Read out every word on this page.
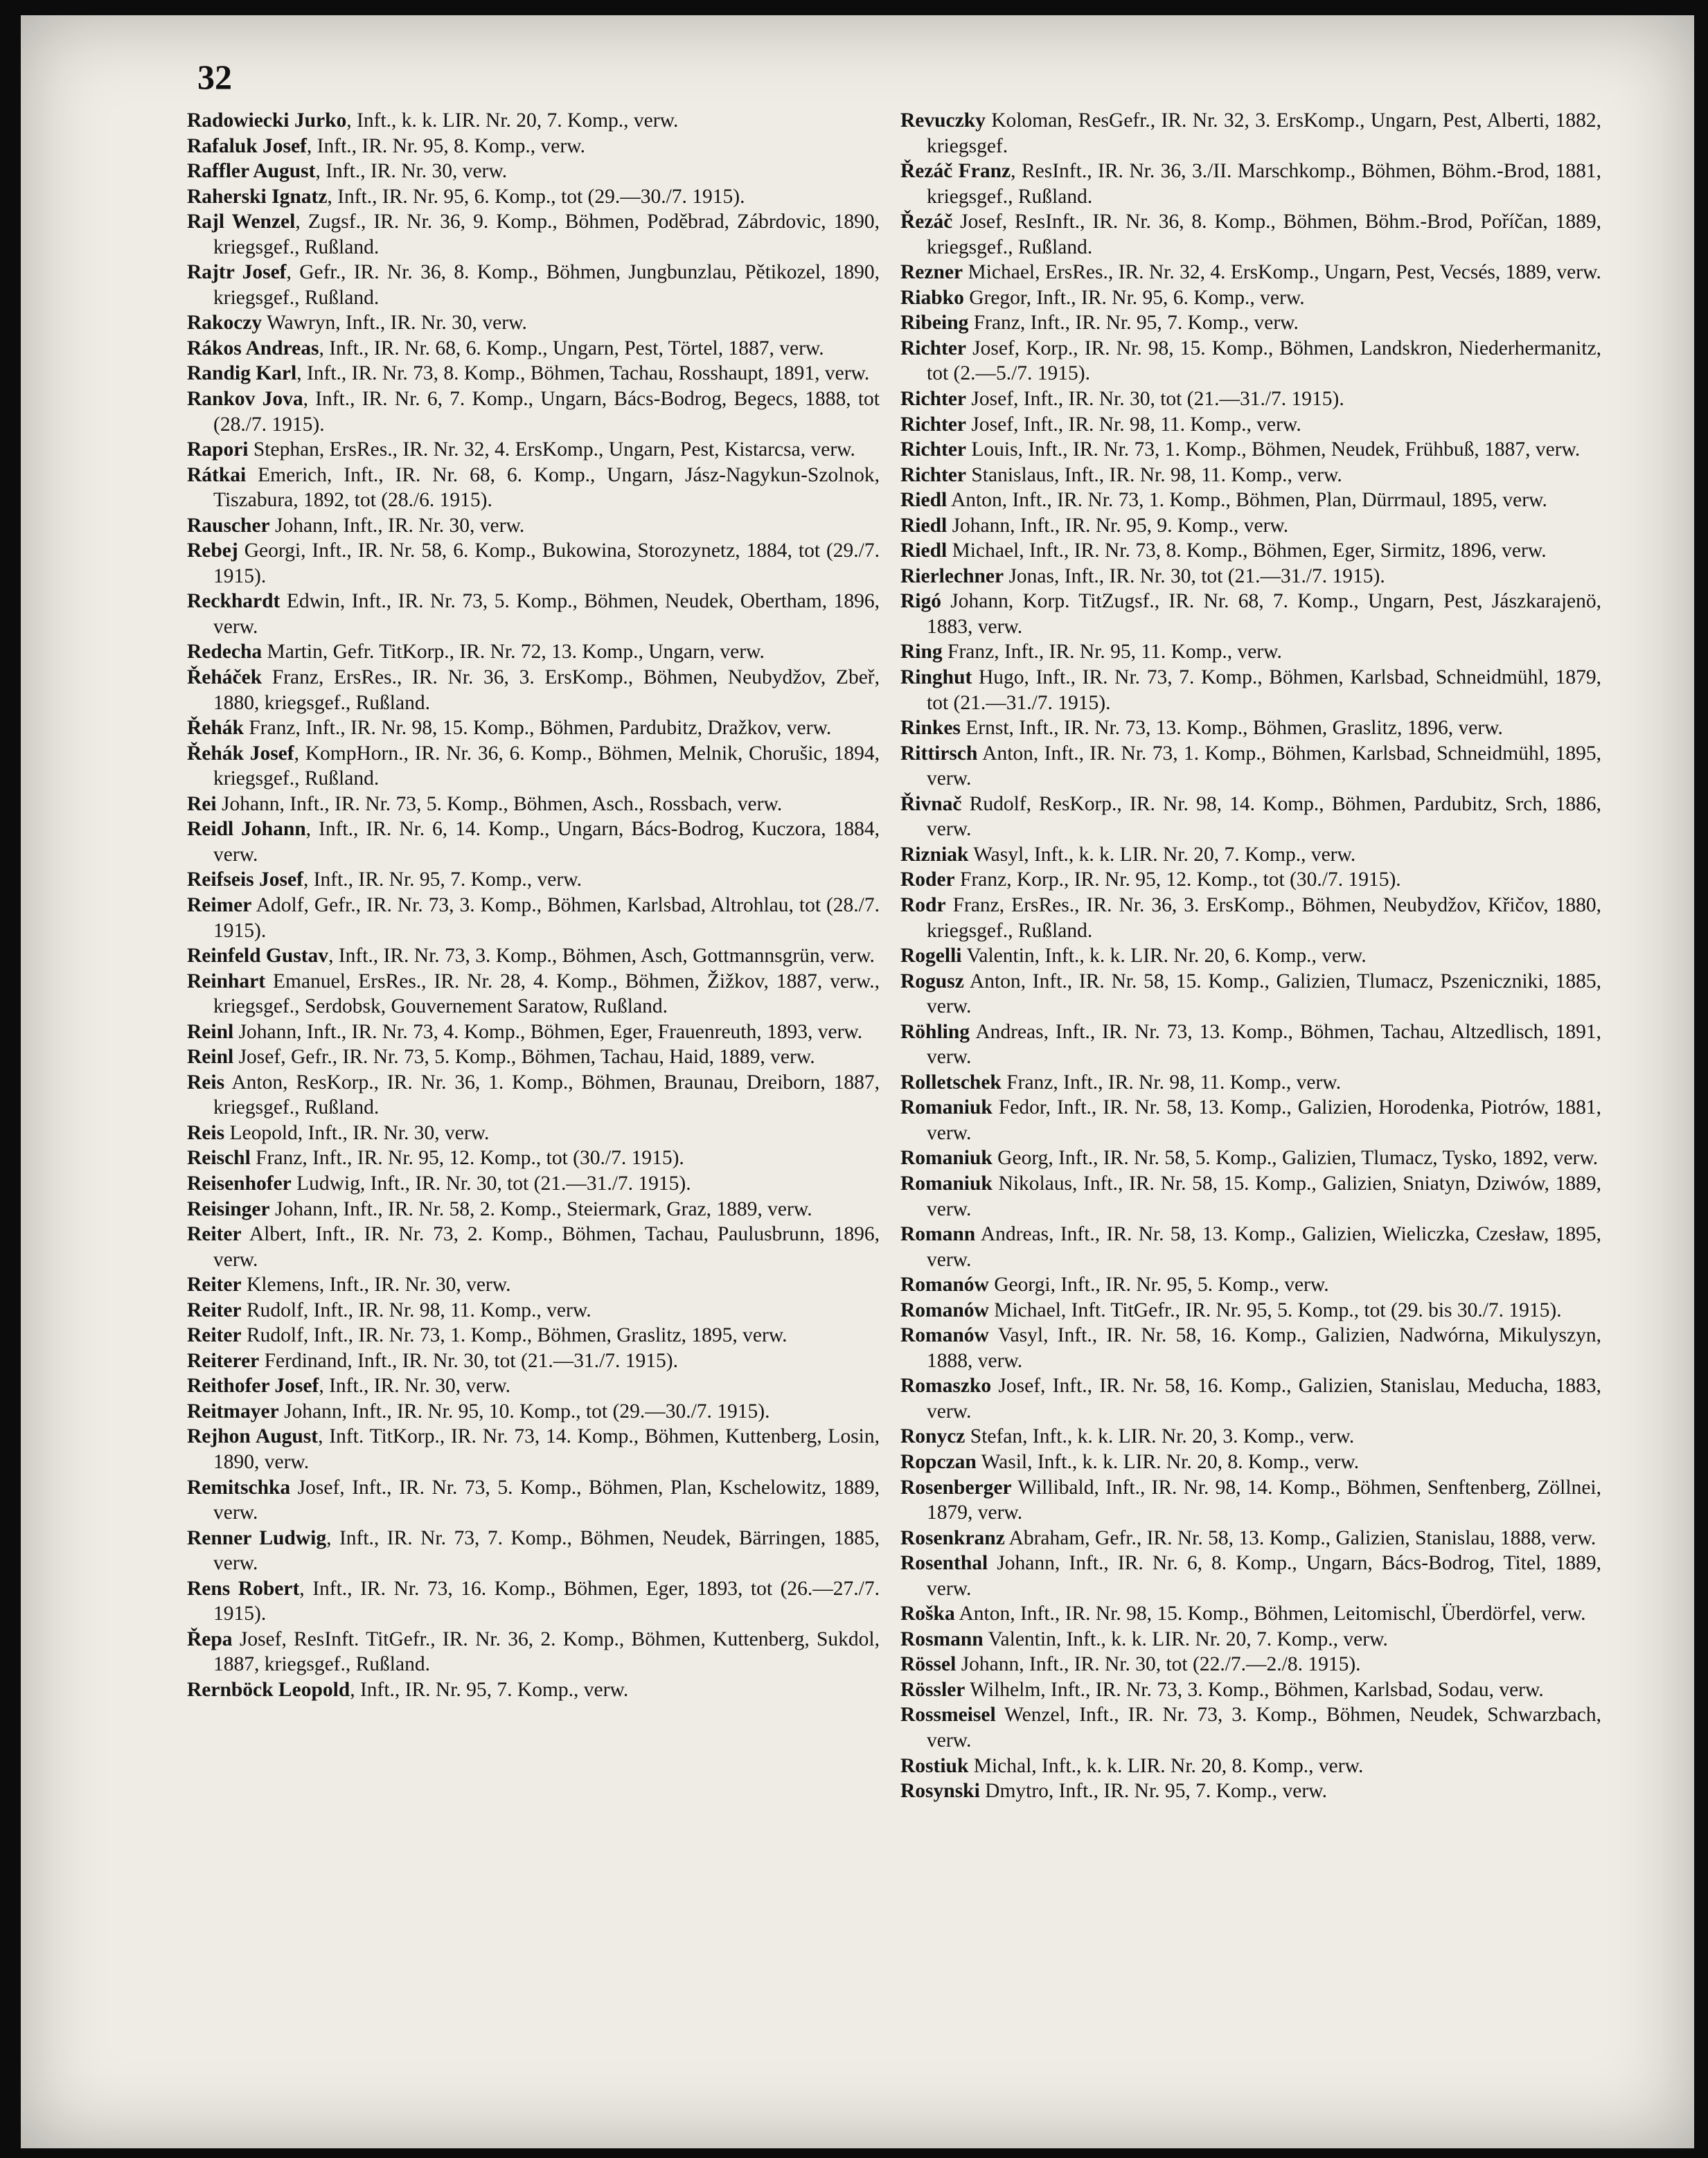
32
Radowiecki Jurko, Inft., k. k. LIR. Nr. 20, 7. Komp., verw.
Rafaluk Josef, Inft., IR. Nr. 95, 8. Komp., verw.
Raffler August, Inft., IR. Nr. 30, verw.
Raherski Ignatz, Inft., IR. Nr. 95, 6. Komp., tot (29.—30./7. 1915).
Rajl Wenzel, Zugsf., IR. Nr. 36, 9. Komp., Böhmen, Poděbrad, Zábrdovic, 1890, kriegsgef., Rußland.
Rajtr Josef, Gefr., IR. Nr. 36, 8. Komp., Böhmen, Jungbunzlau, Pětikozel, 1890, kriegsgef., Rußland.
Rakoczy Wawryn, Inft., IR. Nr. 30, verw.
Rákos Andreas, Inft., IR. Nr. 68, 6. Komp., Ungarn, Pest, Törtel, 1887, verw.
Randig Karl, Inft., IR. Nr. 73, 8. Komp., Böhmen, Tachau, Rosshaupt, 1891, verw.
Rankov Jova, Inft., IR. Nr. 6, 7. Komp., Ungarn, Bács-Bodrog, Begecs, 1888, tot (28./7. 1915).
Rapori Stephan, ErsRes., IR. Nr. 32, 4. ErsKomp., Ungarn, Pest, Kistarcsa, verw.
Rátkai Emerich, Inft., IR. Nr. 68, 6. Komp., Ungarn, Jász-Nagykun-Szolnok, Tiszabura, 1892, tot (28./6. 1915).
Rauscher Johann, Inft., IR. Nr. 30, verw.
Rebej Georgi, Inft., IR. Nr. 58, 6. Komp., Bukowina, Storozynetz, 1884, tot (29./7. 1915).
Reckhardt Edwin, Inft., IR. Nr. 73, 5. Komp., Böhmen, Neudek, Obertham, 1896, verw.
Redecha Martin, Gefr. TitKorp., IR. Nr. 72, 13. Komp., Ungarn, verw.
Řeháček Franz, ErsRes., IR. Nr. 36, 3. ErsKomp., Böhmen, Neubydžov, Zbeř, 1880, kriegsgef., Rußland.
Řehák Franz, Inft., IR. Nr. 98, 15. Komp., Böhmen, Pardubitz, Dražkov, verw.
Řehák Josef, KompHorn., IR. Nr. 36, 6. Komp., Böhmen, Melnik, Chorušic, 1894, kriegsgef., Rußland.
Rei Johann, Inft., IR. Nr. 73, 5. Komp., Böhmen, Asch., Rossbach, verw.
Reidl Johann, Inft., IR. Nr. 6, 14. Komp., Ungarn, Bács-Bodrog, Kuczora, 1884, verw.
Reifseis Josef, Inft., IR. Nr. 95, 7. Komp., verw.
Reimer Adolf, Gefr., IR. Nr. 73, 3. Komp., Böhmen, Karlsbad, Altrohlau, tot (28./7. 1915).
Reinfeld Gustav, Inft., IR. Nr. 73, 3. Komp., Böhmen, Asch, Gottmannsgrün, verw.
Reinhart Emanuel, ErsRes., IR. Nr. 28, 4. Komp., Böhmen, Žižkov, 1887, verw., kriegsgef., Serdobsk, Gouvernement Saratow, Rußland.
Reinl Johann, Inft., IR. Nr. 73, 4. Komp., Böhmen, Eger, Frauenreuth, 1893, verw.
Reinl Josef, Gefr., IR. Nr. 73, 5. Komp., Böhmen, Tachau, Haid, 1889, verw.
Reis Anton, ResKorp., IR. Nr. 36, 1. Komp., Böhmen, Braunau, Dreiborn, 1887, kriegsgef., Rußland.
Reis Leopold, Inft., IR. Nr. 30, verw.
Reischl Franz, Inft., IR. Nr. 95, 12. Komp., tot (30./7. 1915).
Reisenhofer Ludwig, Inft., IR. Nr. 30, tot (21.—31./7. 1915).
Reisinger Johann, Inft., IR. Nr. 58, 2. Komp., Steiermark, Graz, 1889, verw.
Reiter Albert, Inft., IR. Nr. 73, 2. Komp., Böhmen, Tachau, Paulusbrunn, 1896, verw.
Reiter Klemens, Inft., IR. Nr. 30, verw.
Reiter Rudolf, Inft., IR. Nr. 98, 11. Komp., verw.
Reiter Rudolf, Inft., IR. Nr. 73, 1. Komp., Böhmen, Graslitz, 1895, verw.
Reiterer Ferdinand, Inft., IR. Nr. 30, tot (21.—31./7. 1915).
Reithofer Josef, Inft., IR. Nr. 30, verw.
Reitmayer Johann, Inft., IR. Nr. 95, 10. Komp., tot (29.—30./7. 1915).
Rejhon August, Inft. TitKorp., IR. Nr. 73, 14. Komp., Böhmen, Kuttenberg, Losin, 1890, verw.
Remitschka Josef, Inft., IR. Nr. 73, 5. Komp., Böhmen, Plan, Kschelowitz, 1889, verw.
Renner Ludwig, Inft., IR. Nr. 73, 7. Komp., Böhmen, Neudek, Bärringen, 1885, verw.
Rens Robert, Inft., IR. Nr. 73, 16. Komp., Böhmen, Eger, 1893, tot (26.—27./7. 1915).
Řepa Josef, ResInft. TitGefr., IR. Nr. 36, 2. Komp., Böhmen, Kuttenberg, Sukdol, 1887, kriegsgef., Rußland.
Rernböck Leopold, Inft., IR. Nr. 95, 7. Komp., verw.
Revuczky Koloman, ResGefr., IR. Nr. 32, 3. ErsKomp., Ungarn, Pest, Alberti, 1882, kriegsgef.
Řezáč Franz, ResInft., IR. Nr. 36, 3./II. Marschkomp., Böhmen, Böhm.-Brod, 1881, kriegsgef., Rußland.
Řezáč Josef, ResInft., IR. Nr. 36, 8. Komp., Böhmen, Böhm.-Brod, Poříčan, 1889, kriegsgef., Rußland.
Rezner Michael, ErsRes., IR. Nr. 32, 4. ErsKomp., Ungarn, Pest, Vecsés, 1889, verw.
Riabko Gregor, Inft., IR. Nr. 95, 6. Komp., verw.
Ribeing Franz, Inft., IR. Nr. 95, 7. Komp., verw.
Richter Josef, Korp., IR. Nr. 98, 15. Komp., Böhmen, Landskron, Niederhermanitz, tot (2.—5./7. 1915).
Richter Josef, Inft., IR. Nr. 30, tot (21.—31./7. 1915).
Richter Josef, Inft., IR. Nr. 98, 11. Komp., verw.
Richter Louis, Inft., IR. Nr. 73, 1. Komp., Böhmen, Neudek, Frühbuß, 1887, verw.
Richter Stanislaus, Inft., IR. Nr. 98, 11. Komp., verw.
Riedl Anton, Inft., IR. Nr. 73, 1. Komp., Böhmen, Plan, Dürrmaul, 1895, verw.
Riedl Johann, Inft., IR. Nr. 95, 9. Komp., verw.
Riedl Michael, Inft., IR. Nr. 73, 8. Komp., Böhmen, Eger, Sirmitz, 1896, verw.
Rierlechner Jonas, Inft., IR. Nr. 30, tot (21.—31./7. 1915).
Rigó Johann, Korp. TitZugsf., IR. Nr. 68, 7. Komp., Ungarn, Pest, Jászkarajenö, 1883, verw.
Ring Franz, Inft., IR. Nr. 95, 11. Komp., verw.
Ringhut Hugo, Inft., IR. Nr. 73, 7. Komp., Böhmen, Karlsbad, Schneidmühl, 1879, tot (21.—31./7. 1915).
Rinkes Ernst, Inft., IR. Nr. 73, 13. Komp., Böhmen, Graslitz, 1896, verw.
Rittirsch Anton, Inft., IR. Nr. 73, 1. Komp., Böhmen, Karlsbad, Schneidmühl, 1895, verw.
Řivnač Rudolf, ResKorp., IR. Nr. 98, 14. Komp., Böhmen, Pardubitz, Srch, 1886, verw.
Rizniak Wasyl, Inft., k. k. LIR. Nr. 20, 7. Komp., verw.
Roder Franz, Korp., IR. Nr. 95, 12. Komp., tot (30./7. 1915).
Rodr Franz, ErsRes., IR. Nr. 36, 3. ErsKomp., Böhmen, Neubydžov, Křičov, 1880, kriegsgef., Rußland.
Rogelli Valentin, Inft., k. k. LIR. Nr. 20, 6. Komp., verw.
Rogusz Anton, Inft., IR. Nr. 58, 15. Komp., Galizien, Tlumacz, Pszeniczniki, 1885, verw.
Röhling Andreas, Inft., IR. Nr. 73, 13. Komp., Böhmen, Tachau, Altzedlisch, 1891, verw.
Rolletschek Franz, Inft., IR. Nr. 98, 11. Komp., verw.
Romaniuk Fedor, Inft., IR. Nr. 58, 13. Komp., Galizien, Horodenka, Piotrów, 1881, verw.
Romaniuk Georg, Inft., IR. Nr. 58, 5. Komp., Galizien, Tlumacz, Tysko, 1892, verw.
Romaniuk Nikolaus, Inft., IR. Nr. 58, 15. Komp., Galizien, Sniatyn, Dziwów, 1889, verw.
Romann Andreas, Inft., IR. Nr. 58, 13. Komp., Galizien, Wieliczka, Czesław, 1895, verw.
Romanów Georgi, Inft., IR. Nr. 95, 5. Komp., verw.
Romanów Michael, Inft. TitGefr., IR. Nr. 95, 5. Komp., tot (29. bis 30./7. 1915).
Romanów Vasyl, Inft., IR. Nr. 58, 16. Komp., Galizien, Nadwórna, Mikulyszyn, 1888, verw.
Romaszko Josef, Inft., IR. Nr. 58, 16. Komp., Galizien, Stanislau, Meducha, 1883, verw.
Ronycz Stefan, Inft., k. k. LIR. Nr. 20, 3. Komp., verw.
Ropczan Wasil, Inft., k. k. LIR. Nr. 20, 8. Komp., verw.
Rosenberger Willibald, Inft., IR. Nr. 98, 14. Komp., Böhmen, Senftenberg, Zöllnei, 1879, verw.
Rosenkranz Abraham, Gefr., IR. Nr. 58, 13. Komp., Galizien, Stanislau, 1888, verw.
Rosenthal Johann, Inft., IR. Nr. 6, 8. Komp., Ungarn, Bács-Bodrog, Titel, 1889, verw.
Roška Anton, Inft., IR. Nr. 98, 15. Komp., Böhmen, Leitomischl, Überdörfel, verw.
Rosmann Valentin, Inft., k. k. LIR. Nr. 20, 7. Komp., verw.
Rössel Johann, Inft., IR. Nr. 30, tot (22./7.—2./8. 1915).
Rössler Wilhelm, Inft., IR. Nr. 73, 3. Komp., Böhmen, Karlsbad, Sodau, verw.
Rossmeisel Wenzel, Inft., IR. Nr. 73, 3. Komp., Böhmen, Neudek, Schwarzbach, verw.
Rostiuk Michal, Inft., k. k. LIR. Nr. 20, 8. Komp., verw.
Rosynski Dmytro, Inft., IR. Nr. 95, 7. Komp., verw.
